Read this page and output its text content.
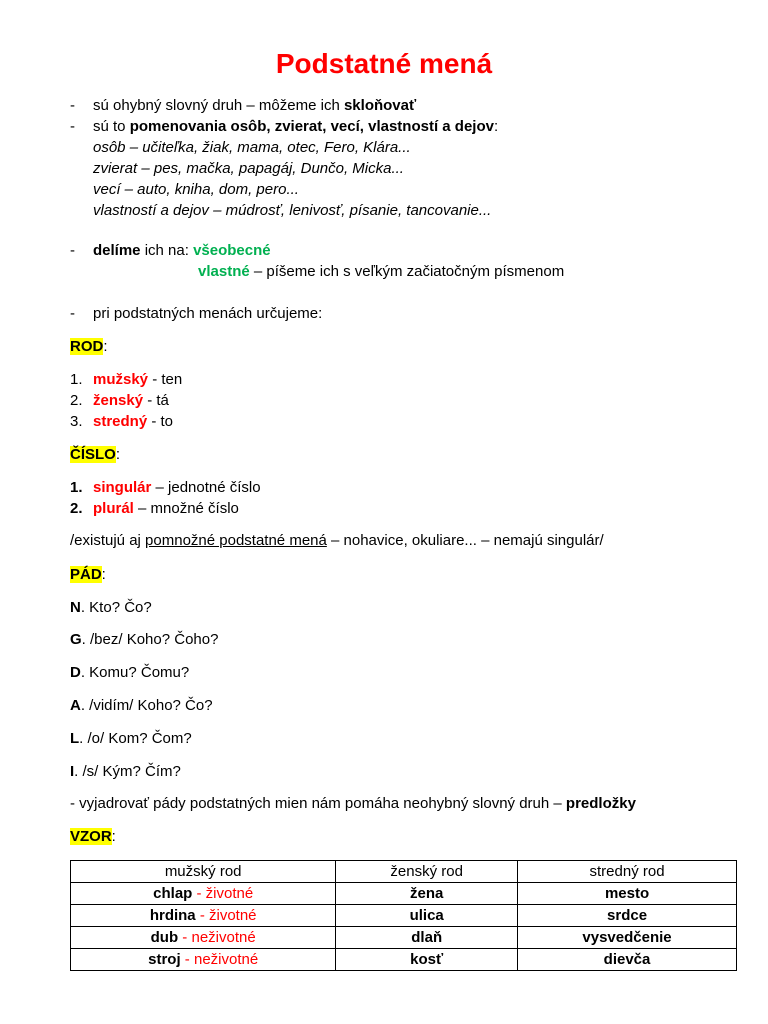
Podstatné mená
- sú ohybný slovný druh – môžeme ich skloňovať
- sú to pomenovania osôb, zvierat, vecí, vlastností a dejov:
osôb – učiteľka, žiak, mama, otec, Fero, Klára...
zvierat – pes, mačka, papagáj, Dunčo, Micka...
vecí – auto, kniha, dom, pero...
vlastností a dejov – múdrosť, lenivosť, písanie, tancovanie...
- delíme ich na: všeobecné
vlastné – píšeme ich s veľkým začiatočným písmenom
- pri podstatných menách určujeme:
ROD:
1. mužský - ten
2. ženský - tá
3. stredný - to
ČÍSLO:
1. singulár – jednotné číslo
2. plurál – množné číslo
/existujú aj pomnožné podstatné mená – nohavice, okuliare... – nemajú singulár/
PÁD:
N. Kto? Čo?
G. /bez/ Koho? Čoho?
D. Komu? Čomu?
A. /vidím/ Koho? Čo?
L. /o/ Kom? Čom?
I. /s/ Kým? Čím?
- vyjadrovať pády podstatných mien nám pomáha neohybný slovný druh – predložky
VZOR:
mužský rod	ženský rod	stredný rod
chlap - životné	žena	mesto
hrdina - životné	ulica	srdce
dub - neživotné	dlaň	vysvedčenie
stroj - neživotné	kosť	dievča
